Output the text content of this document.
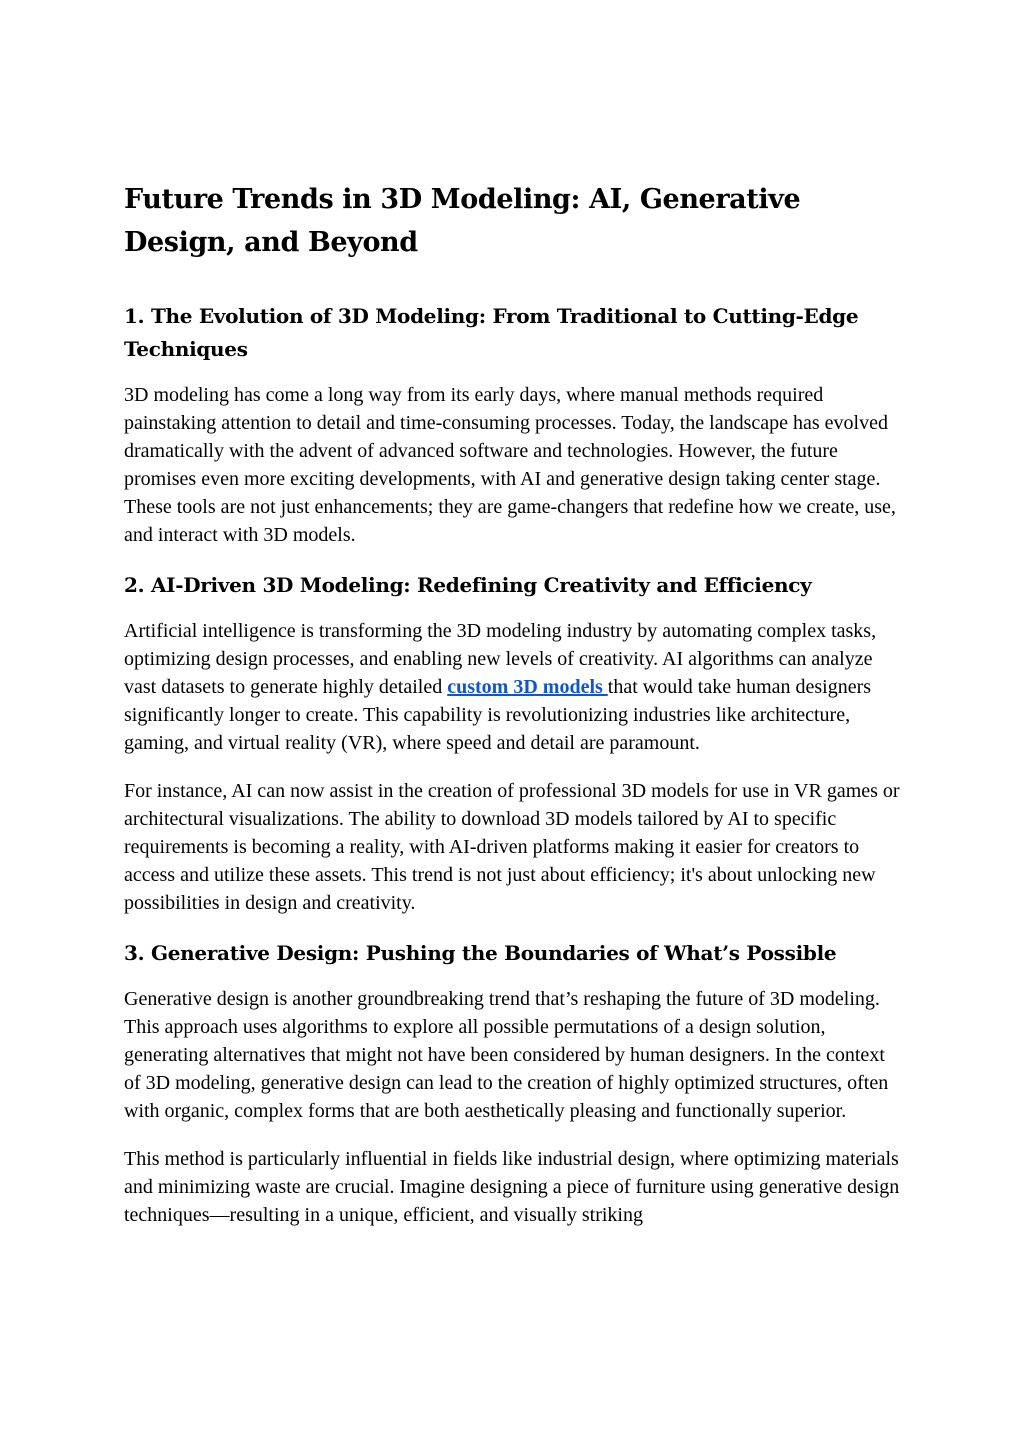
Future Trends in 3D Modeling: AI, Generative Design, and Beyond
1. The Evolution of 3D Modeling: From Traditional to Cutting-Edge Techniques

3D modeling has come a long way from its early days, where manual methods required painstaking attention to detail and time-consuming processes. Today, the landscape has evolved dramatically with the advent of advanced software and technologies. However, the future promises even more exciting developments, with AI and generative design taking center stage. These tools are not just enhancements; they are game-changers that redefine how we create, use, and interact with 3D models.

2. AI-Driven 3D Modeling: Redefining Creativity and Efficiency

Artificial intelligence is transforming the 3D modeling industry by automating complex tasks, optimizing design processes, and enabling new levels of creativity. AI algorithms can analyze vast datasets to generate highly detailed custom 3D models that would take human designers significantly longer to create. This capability is revolutionizing industries like architecture, gaming, and virtual reality (VR), where speed and detail are paramount.

For instance, AI can now assist in the creation of professional 3D models for use in VR games or architectural visualizations. The ability to download 3D models tailored by AI to specific requirements is becoming a reality, with AI-driven platforms making it easier for creators to access and utilize these assets. This trend is not just about efficiency; it's about unlocking new possibilities in design and creativity.

3. Generative Design: Pushing the Boundaries of What’s Possible

Generative design is another groundbreaking trend that’s reshaping the future of 3D modeling. This approach uses algorithms to explore all possible permutations of a design solution, generating alternatives that might not have been considered by human designers. In the context of 3D modeling, generative design can lead to the creation of highly optimized structures, often with organic, complex forms that are both aesthetically pleasing and functionally superior.

This method is particularly influential in fields like industrial design, where optimizing materials and minimizing waste are crucial. Imagine designing a piece of furniture using generative design techniques—resulting in a unique, efficient, and visually striking
